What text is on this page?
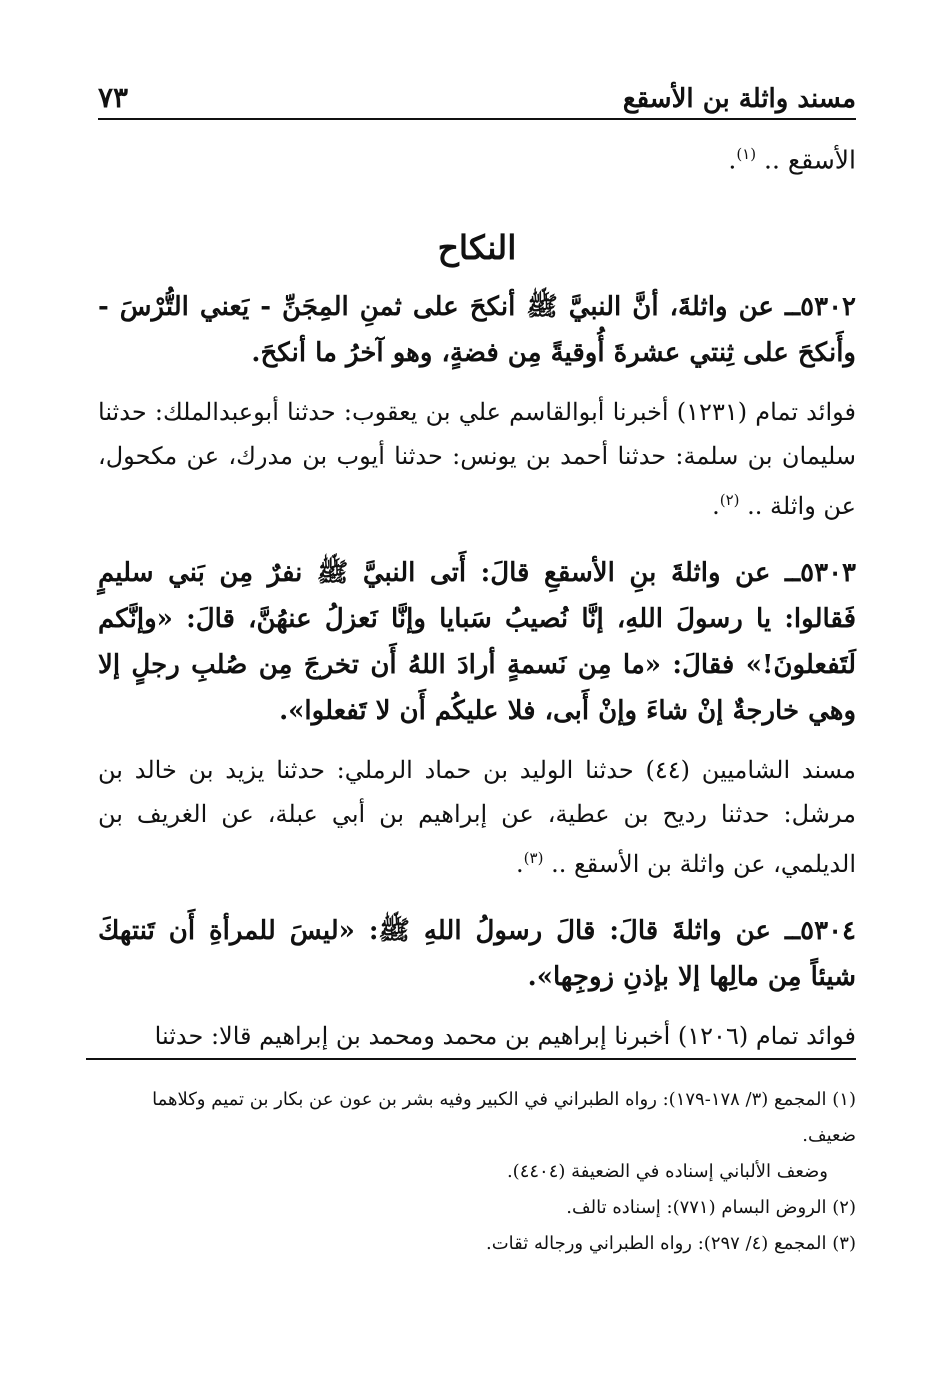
مسند واثلة بن الأسقع
٧٣

الأسقع .. $^{(١)}$.

النكاح

٥٣٠٢ــ عن واثلةَ، أنَّ النبيَّ ﷺ أنكحَ على ثمنِ المِجَنِّ - يَعني التُّرْسَ - وأَنكحَ على ثِنتي عشرةَ أُوقيةً مِن فضةٍ، وهو آخرُ ما أنكحَ.

فوائد تمام (١٢٣١) أخبرنا أبوالقاسم علي بن يعقوب: حدثنا أبوعبدالملك: حدثنا سليمان بن سلمة: حدثنا أحمد بن يونس: حدثنا أيوب بن مدرك، عن مكحول، عن واثلة .. $^{(٢)}$.

٥٣٠٣ــ عن واثلةَ بنِ الأسقعِ قالَ: أَتى النبيَّ ﷺ نفرٌ مِن بَني سليمٍ فَقالوا: يا رسولَ اللهِ، إنَّا نُصيبُ سَبايا وإنَّا نَعزلُ عنهُنَّ، قالَ: «وإنَّكم لَتَفعلونَ!» فقالَ: «ما مِن نَسمةٍ أرادَ اللهُ أَن تخرجَ مِن صُلبِ رجلٍ إلا وهي خارجةٌ إنْ شاءَ وإنْ أَبى، فلا عليكُم أَن لا تَفعلوا».

مسند الشاميين (٤٤) حدثنا الوليد بن حماد الرملي: حدثنا يزيد بن خالد بن مرشل: حدثنا رديح بن عطية، عن إبراهيم بن أبي عبلة، عن الغريف بن الديلمي، عن واثلة بن الأسقع .. $^{(٣)}$.

٥٣٠٤ــ عن واثلةَ قالَ: قالَ رسولُ اللهِ ﷺ: «ليسَ للمرأةِ أَن تَنتهكَ شيئاً مِن مالِها إلا بإذنِ زوجِها».

فوائد تمام (١٢٠٦) أخبرنا إبراهيم بن محمد ومحمد بن إبراهيم قالا: حدثنا

(١) المجمع (٣/ ١٧٨-١٧٩): رواه الطبراني في الكبير وفيه بشر بن عون عن بكار بن تميم وكلاهما ضعيف.

وضعف الألباني إسناده في الضعيفة (٤٤٠٤).

(٢) الروض البسام (٧٧١): إسناده تالف.

(٣) المجمع (٤/ ٢٩٧): رواه الطبراني ورجاله ثقات.
